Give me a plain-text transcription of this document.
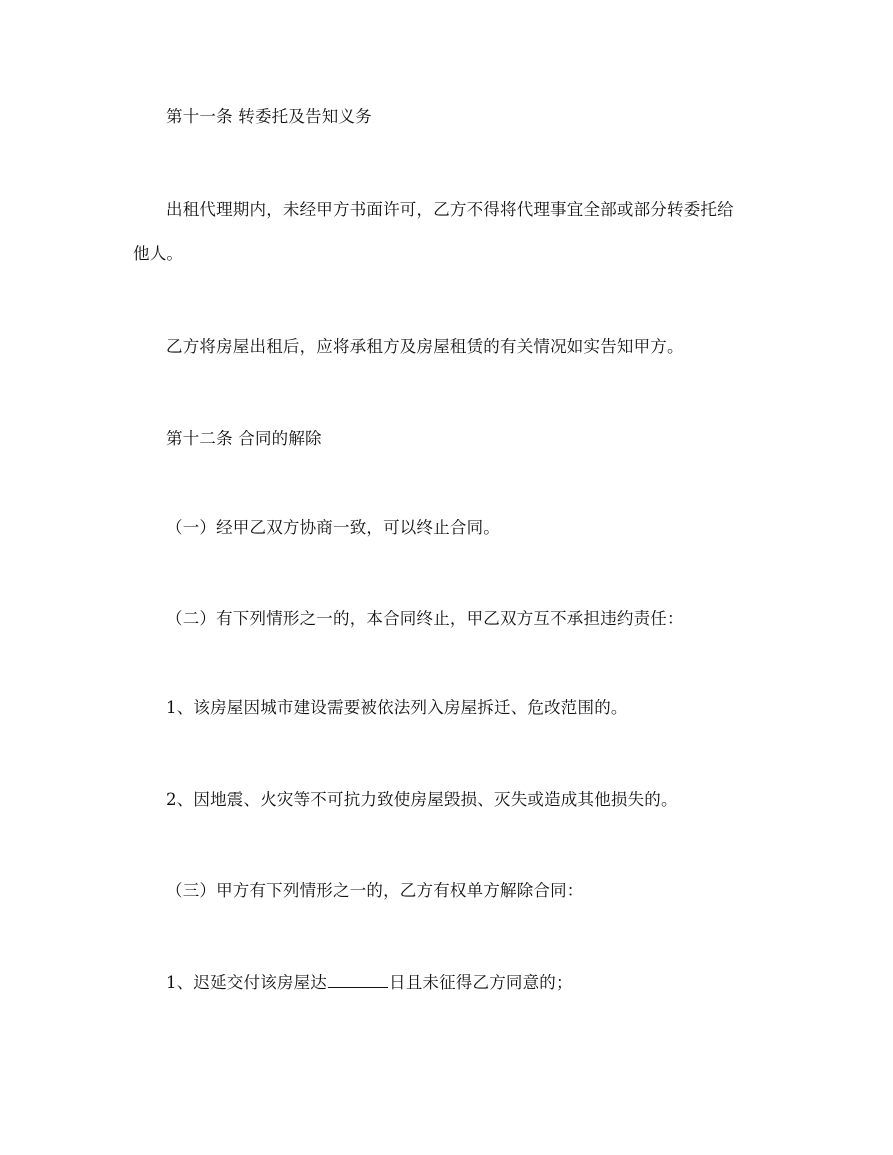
第十一条 转委托及告知义务
出租代理期内，未经甲方书面许可，乙方不得将代理事宜全部或部分转委托给
他人。
乙方将房屋出租后，应将承租方及房屋租赁的有关情况如实告知甲方。
第十二条 合同的解除
（一）经甲乙双方协商一致，可以终止合同。
（二）有下列情形之一的，本合同终止，甲乙双方互不承担违约责任：
1、该房屋因城市建设需要被依法列入房屋拆迁、危改范围的。
2、因地震、火灾等不可抗力致使房屋毁损、灭失或造成其他损失的。
（三）甲方有下列情形之一的，乙方有权单方解除合同：
1、迟延交付该房屋达	日且未征得乙方同意的；
